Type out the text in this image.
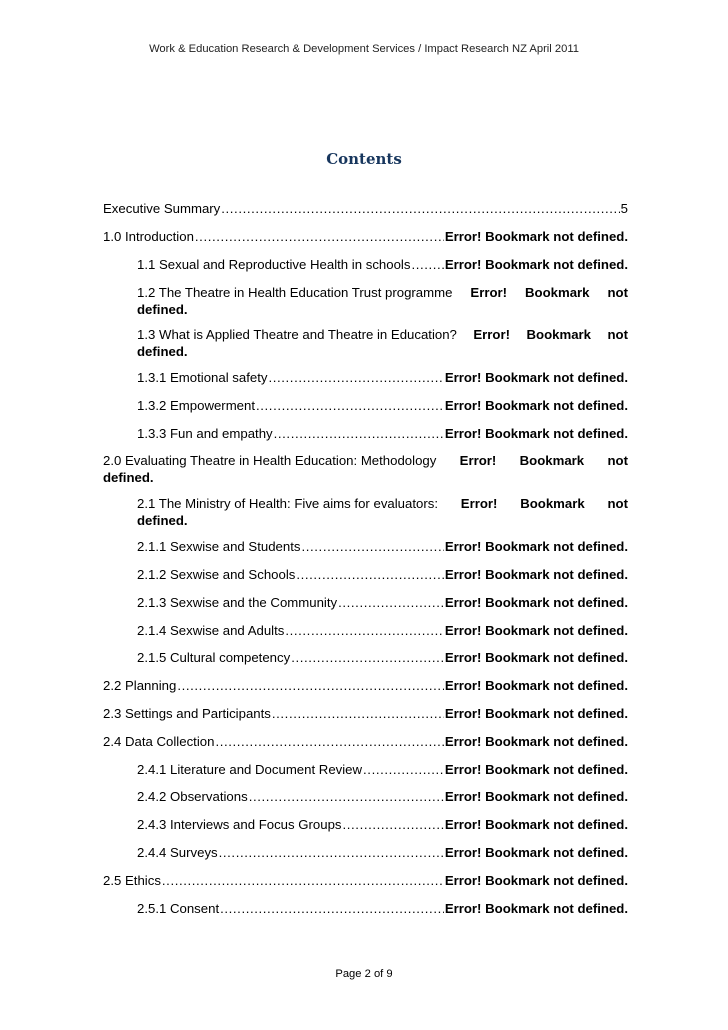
Work & Education Research & Development Services / Impact Research NZ April 2011
Contents
Executive Summary .....	5
1.0 Introduction .....	Error! Bookmark not defined.
1.1 Sexual and Reproductive Health in schools .....	Error! Bookmark not defined.
1.2 The Theatre in Health Education Trust programme Error! Bookmark not
defined.
1.3 What is Applied Theatre and Theatre in Education? Error! Bookmark not
defined.
1.3.1 Emotional safety .....	Error! Bookmark not defined.
1.3.2 Empowerment .....	Error! Bookmark not defined.
1.3.3 Fun and empathy .....	Error! Bookmark not defined.
2.0 Evaluating Theatre in Health Education: Methodology Error! Bookmark not
defined.
2.1 The Ministry of Health: Five aims for evaluators: Error! Bookmark not
defined.
2.1.1 Sexwise and Students .....	Error! Bookmark not defined.
2.1.2 Sexwise and Schools .....	Error! Bookmark not defined.
2.1.3 Sexwise and the Community .....	Error! Bookmark not defined.
2.1.4 Sexwise and Adults .....	Error! Bookmark not defined.
2.1.5 Cultural competency .....	Error! Bookmark not defined.
2.2 Planning .....	Error! Bookmark not defined.
2.3 Settings and Participants .....	Error! Bookmark not defined.
2.4 Data Collection .....	Error! Bookmark not defined.
2.4.1 Literature and Document Review .....	Error! Bookmark not defined.
2.4.2 Observations .....	Error! Bookmark not defined.
2.4.3 Interviews and Focus Groups .....	Error! Bookmark not defined.
2.4.4 Surveys .....	Error! Bookmark not defined.
2.5 Ethics .....	Error! Bookmark not defined.
2.5.1 Consent .....	Error! Bookmark not defined.
Page 2 of 9
